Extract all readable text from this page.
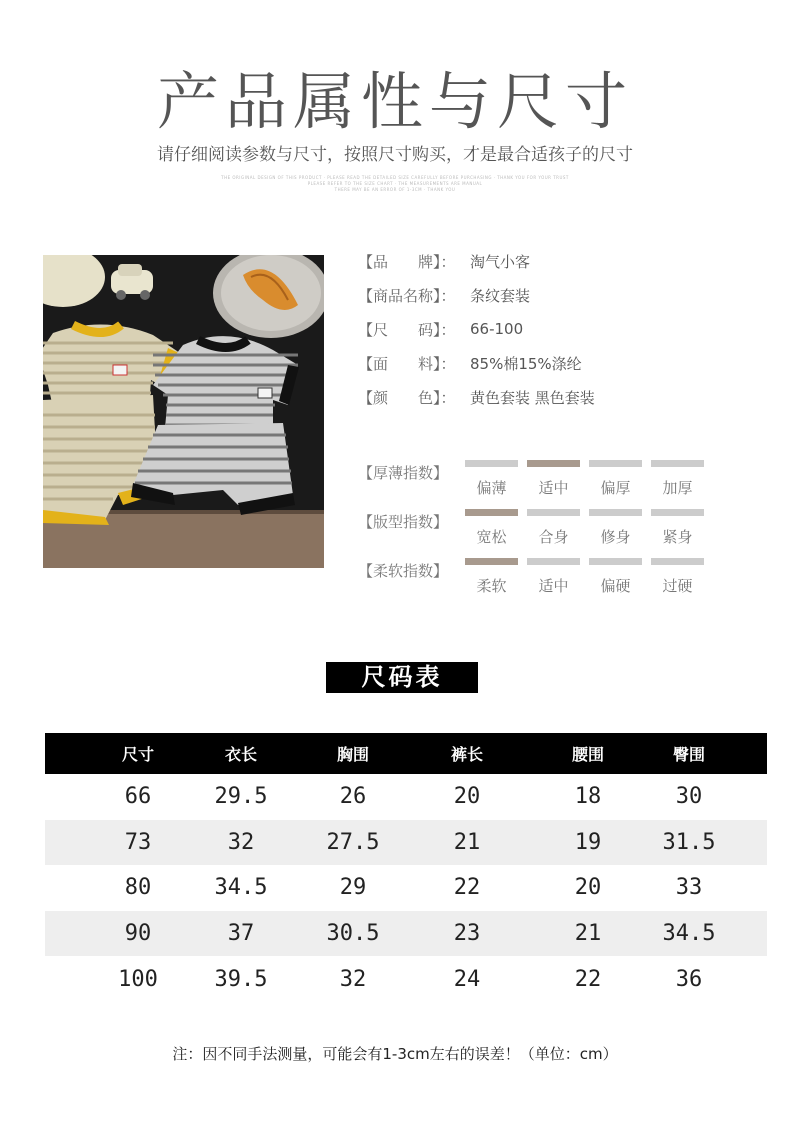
产品属性与尺寸
请仔细阅读参数与尺寸，按照尺寸购买，才是最合适孩子的尺寸
THE ORIGINAL DESIGN OF THIS PRODUCT · PLEASE READ THE DETAILED SIZE CAREFULLY BEFORE PURCHASING · THANK YOU FOR YOUR TRUST
PLEASE REFER TO THE SIZE CHART · THE MEASUREMENTS ARE MANUAL
THERE MAY BE AN ERROR OF 1-3CM · THANK YOU
【品　　牌】： 淘气小客
【商品名称】： 条纹套装
【尺　　码】： 66-100
【面　　料】： 85%棉15%涤纶
【颜　　色】： 黄色套装 黑色套装
【厚薄指数】
偏薄	适中	偏厚	加厚
【版型指数】
宽松	合身	修身	紧身
【柔软指数】
柔软	适中	偏硬	过硬
尺码表
尺寸	衣长	胸围	裤长	腰围	臀围
66	29.5	26	20	18	30
73	32	27.5	21	19	31.5
80	34.5	29	22	20	33
90	37	30.5	23	21	34.5
100	39.5	32	24	22	36
注：因不同手法测量，可能会有1-3cm左右的误差！（单位：cm）
